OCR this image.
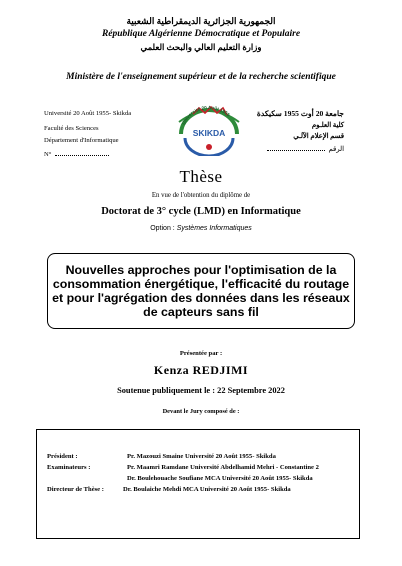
الجمهورية الجزائرية الديمقراطية الشعبية
République Algérienne Démocratique et Populaire
وزارة التعليم العالي والبحث العلمي
Ministère de l'enseignement supérieur et de la recherche scientifique
Université 20 Août 1955- Skikda
Faculté des Sciences
Département d'Informatique
N°
جامعة 20 أوت 1955 سكيكدة
كلية العلـوم
قسم الإعلام الآلـي
الرقم
Université 20 Août 1955
SKIKDA
Thèse
En vue de l'obtention du diplôme de
Doctorat de 3° cycle (LMD) en Informatique
Option : Systèmes Informatiques
Nouvelles approches pour l'optimisation de la consommation énergétique, l'efficacité du routage et pour l'agrégation des données dans les réseaux de capteurs sans fil
Présentée par :
Kenza REDJIMI
Soutenue publiquement le : 22 Septembre 2022
Devant le Jury composé de :
Président :	Pr. Mazouzi Smaine Université 20 Août 1955- Skikda
Examinateurs :	Pr. Maamri Ramdane Université Abdelhamid Mehri - Constantine 2
Dr. Boulehouache Soufiane MCA Université 20 Août 1955- Skikda
Directeur de Thèse :	Dr. Boulaiche Mehdi MCA Université 20 Août 1955- Skikda
